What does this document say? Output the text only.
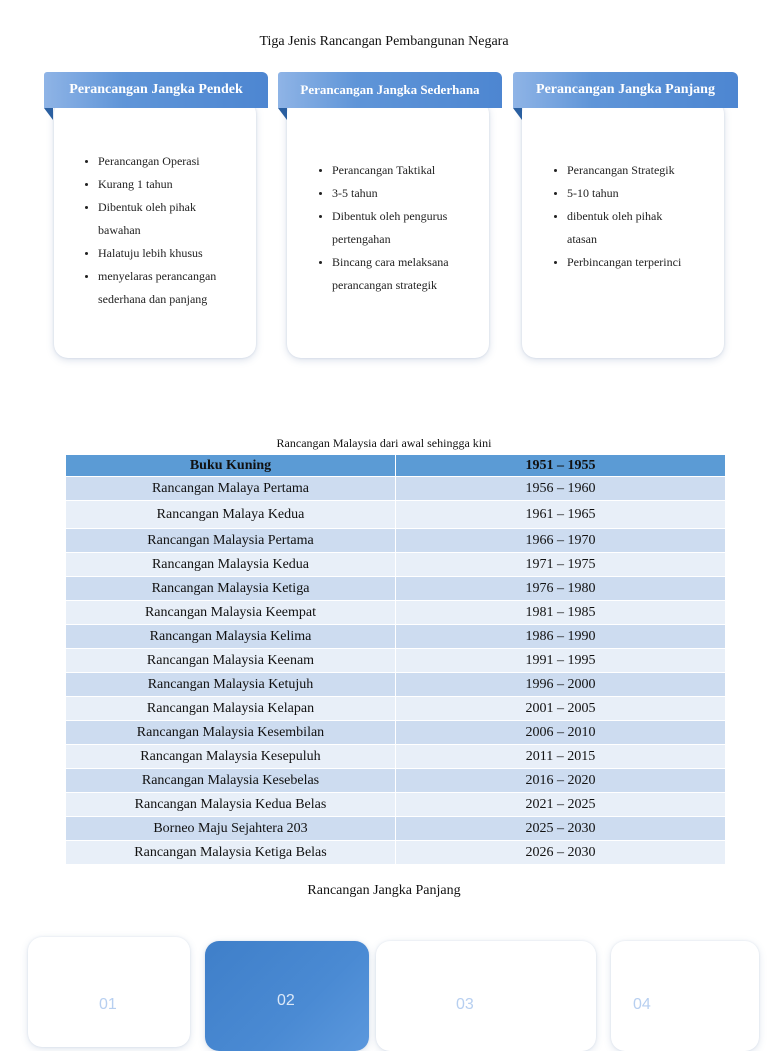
Tiga Jenis Rancangan Pembangunan Negara
• Perancangan Operasi
• Kurang 1 tahun
• Dibentuk oleh pihak bawahan
• Halatuju lebih khusus
• menyelaras perancangan sederhana dan panjang
Perancangan Jangka Pendek
• Perancangan Taktikal
• 3-5 tahun
• Dibentuk oleh pengurus pertengahan
• Bincang cara melaksana perancangan strategik
Perancangan Jangka Sederhana
• Perancangan Strategik
• 5-10 tahun
• dibentuk oleh pihak atasan
• Perbincangan terperinci
Perancangan Jangka Panjang
Rancangan Malaysia dari awal sehingga kini
Buku Kuning	1951 – 1955
Rancangan Malaya Pertama	1956 – 1960
Rancangan Malaya Kedua	1961 – 1965
Rancangan Malaysia Pertama	1966 – 1970
Rancangan Malaysia Kedua	1971 – 1975
Rancangan Malaysia Ketiga	1976 – 1980
Rancangan Malaysia Keempat	1981 – 1985
Rancangan Malaysia Kelima	1986 – 1990
Rancangan Malaysia Keenam	1991 – 1995
Rancangan Malaysia Ketujuh	1996 – 2000
Rancangan Malaysia Kelapan	2001 – 2005
Rancangan Malaysia Kesembilan	2006 – 2010
Rancangan Malaysia Kesepuluh	2011 – 2015
Rancangan Malaysia Kesebelas	2016 – 2020
Rancangan Malaysia Kedua Belas	2021 – 2025
Borneo Maju Sejahtera 203	2025 – 2030
Rancangan Malaysia Ketiga Belas	2026 – 2030
Rancangan Jangka Panjang
01	02	03	04
